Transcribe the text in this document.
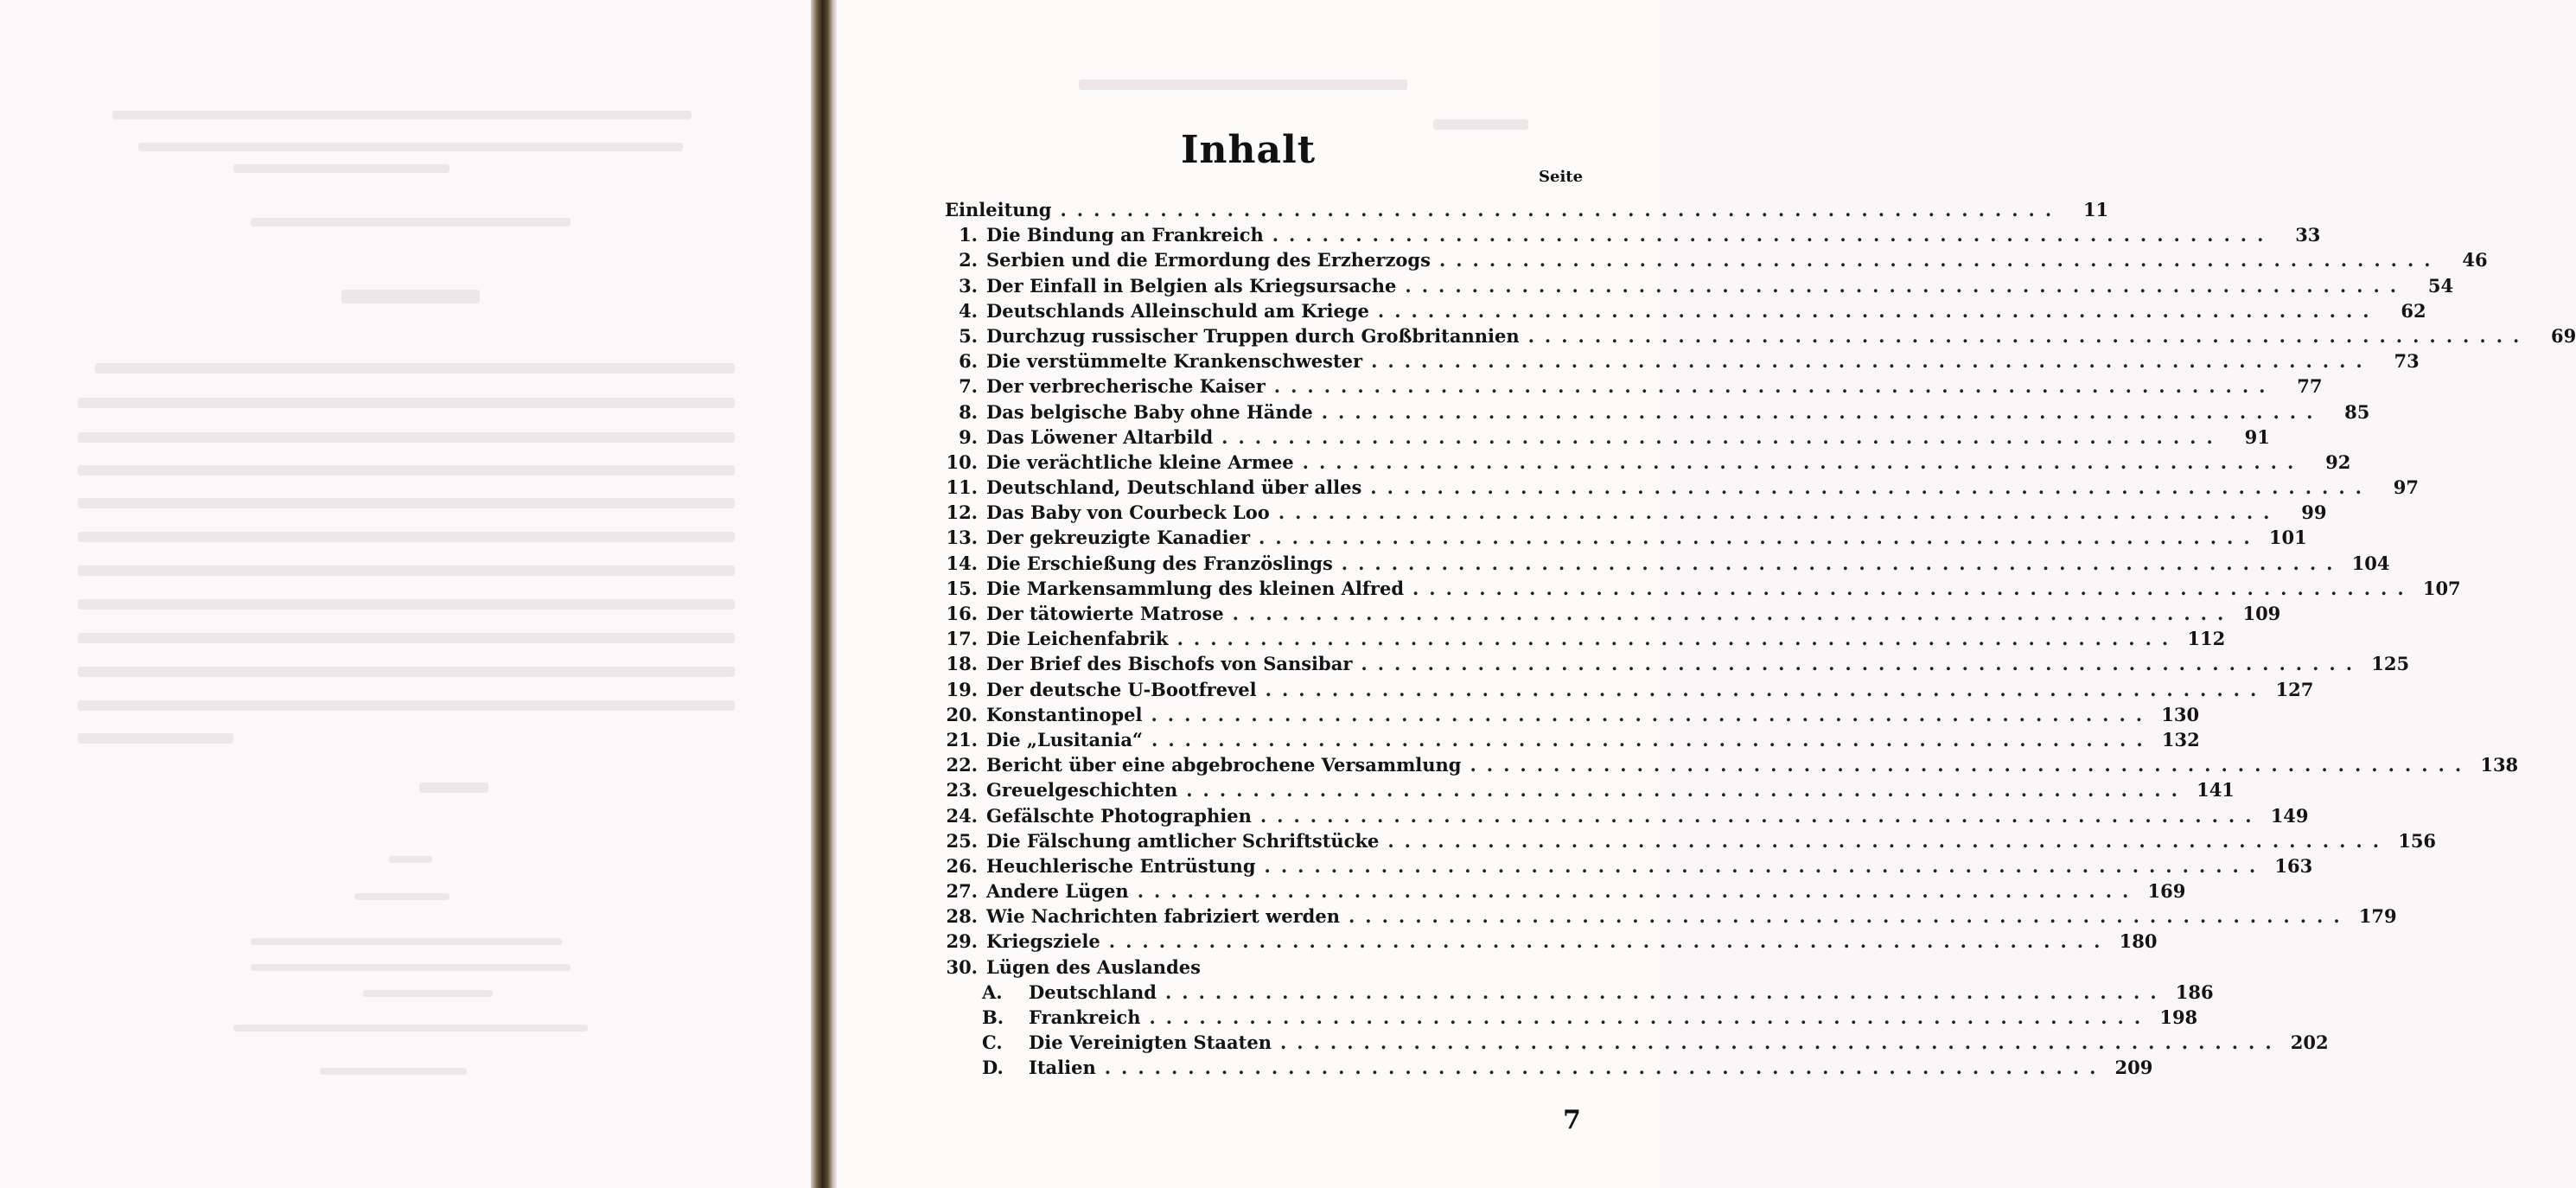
Inhalt
Seite
Einleitung ............................................................	11
1. Die Bindung an Frankreich ............................................................	33
2. Serbien und die Ermordung des Erzherzogs ............................................................	46
3. Der Einfall in Belgien als Kriegsursache ............................................................	54
4. Deutschlands Alleinschuld am Kriege ............................................................	62
5. Durchzug russischer Truppen durch Großbritannien ............................................................	69
6. Die verstümmelte Krankenschwester ............................................................	73
7. Der verbrecherische Kaiser ............................................................	77
8. Das belgische Baby ohne Hände ............................................................	85
9. Das Löwener Altarbild ............................................................	91
10. Die verächtliche kleine Armee ............................................................	92
11. Deutschland, Deutschland über alles ............................................................	97
12. Das Baby von Courbeck Loo ............................................................	99
13. Der gekreuzigte Kanadier ............................................................ 101
14. Die Erschießung des Französlings ............................................................ 104
15. Die Markensammlung des kleinen Alfred ............................................................ 107
16. Der tätowierte Matrose ............................................................ 109
17. Die Leichenfabrik ............................................................ 112
18. Der Brief des Bischofs von Sansibar ............................................................ 125
19. Der deutsche U-Bootfrevel ............................................................ 127
20. Konstantinopel ............................................................ 130
21. Die „Lusitania“ ............................................................ 132
22. Bericht über eine abgebrochene Versammlung ............................................................ 138
23. Greuelgeschichten ............................................................ 141
24. Gefälschte Photographien ............................................................ 149
25. Die Fälschung amtlicher Schriftstücke ............................................................ 156
26. Heuchlerische Entrüstung ............................................................ 163
27. Andere Lügen ............................................................ 169
28. Wie Nachrichten fabriziert werden ............................................................ 179
29. Kriegsziele ............................................................ 180
30. Lügen des Auslandes
A.	Deutschland ............................................................ 186
B.	Frankreich ............................................................ 198
C.	Die Vereinigten Staaten ............................................................ 202
D.	Italien ............................................................ 209
7
